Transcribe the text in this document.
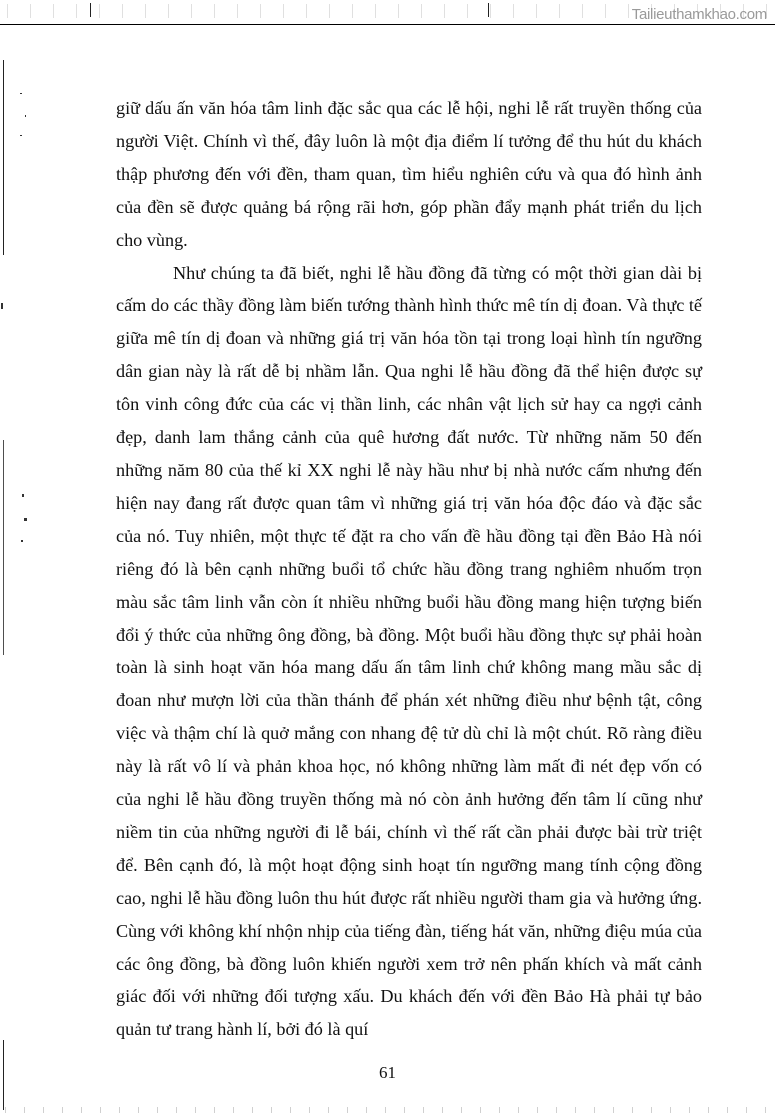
Tailieuthamkhao.com

giữ dấu ấn văn hóa tâm linh đặc sắc qua các lễ hội, nghi lễ rất truyền thống của người Việt. Chính vì thế, đây luôn là một địa điểm lí tưởng để thu hút du khách thập phương đến với đền, tham quan, tìm hiểu nghiên cứu và qua đó hình ảnh của đền sẽ được quảng bá rộng rãi hơn, góp phần đẩy mạnh phát triển du lịch cho vùng.

Như chúng ta đã biết, nghi lễ hầu đồng đã từng có một thời gian dài bị cấm do các thầy đồng làm biến tướng thành hình thức mê tín dị đoan. Và thực tế giữa mê tín dị đoan và những giá trị văn hóa tồn tại trong loại hình tín ngưỡng dân gian này là rất dễ bị nhầm lẫn. Qua nghi lễ hầu đồng đã thể hiện được sự tôn vinh công đức của các vị thần linh, các nhân vật lịch sử hay ca ngợi cảnh đẹp, danh lam thắng cảnh của quê hương đất nước. Từ những năm 50 đến những năm 80 của thế kỉ XX nghi lễ này hầu như bị nhà nước cấm nhưng đến hiện nay đang rất được quan tâm vì những giá trị văn hóa độc đáo và đặc sắc của nó. Tuy nhiên, một thực tế đặt ra cho vấn đề hầu đồng tại đền Bảo Hà nói riêng đó là bên cạnh những buổi tổ chức hầu đồng trang nghiêm nhuốm trọn màu sắc tâm linh vẫn còn ít nhiều những buổi hầu đồng mang hiện tượng biến đổi ý thức của những ông đồng, bà đồng. Một buổi hầu đồng thực sự phải hoàn toàn là sinh hoạt văn hóa mang dấu ấn tâm linh chứ không mang mầu sắc dị đoan như mượn lời của thần thánh để phán xét những điều như bệnh tật, công việc và thậm chí là quở mắng con nhang đệ tử dù chỉ là một chút. Rõ ràng điều này là rất vô lí và phản khoa học, nó không những làm mất đi nét đẹp vốn có của nghi lễ hầu đồng truyền thống mà nó còn ảnh hưởng đến tâm lí cũng như niềm tin của những người đi lễ bái, chính vì thế rất cần phải được bài trừ triệt để. Bên cạnh đó, là một hoạt động sinh hoạt tín ngưỡng mang tính cộng đồng cao, nghi lễ hầu đồng luôn thu hút được rất nhiều người tham gia và hưởng ứng. Cùng với không khí nhộn nhịp của tiếng đàn, tiếng hát văn, những điệu múa của các ông đồng, bà đồng luôn khiến người xem trở nên phấn khích và mất cảnh giác đối với những đối tượng xấu. Du khách đến với đền Bảo Hà phải tự bảo quản tư trang hành lí, bởi đó là quí

61
